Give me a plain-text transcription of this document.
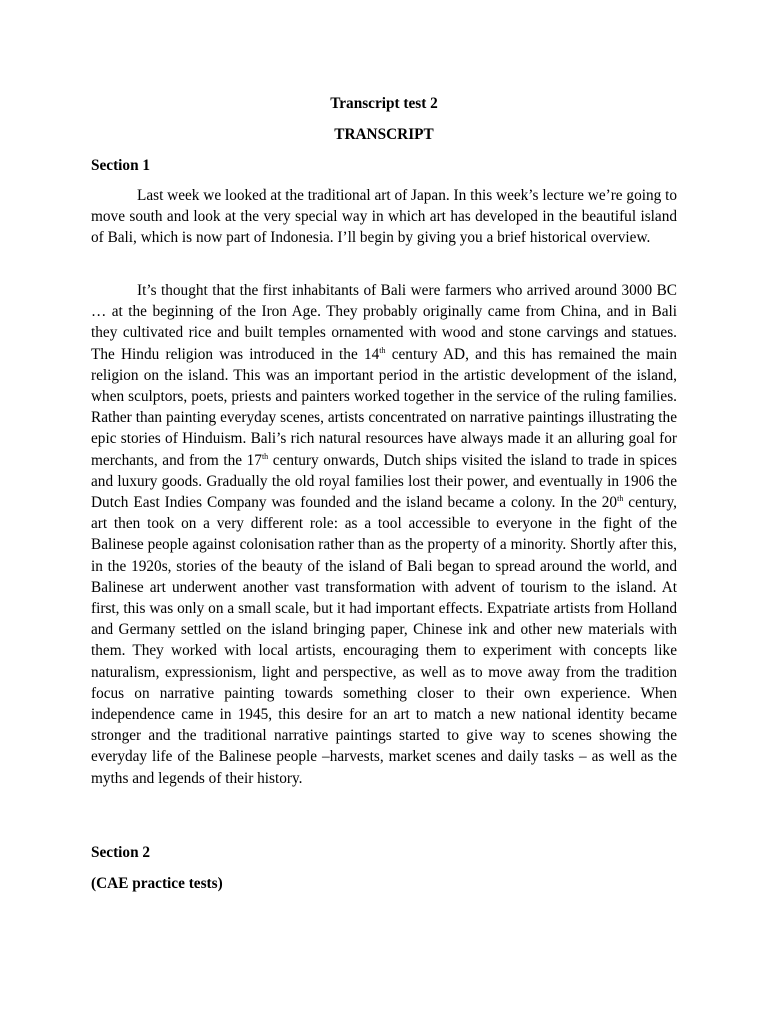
Transcript test 2
TRANSCRIPT
Section 1

Last week we looked at the traditional art of Japan. In this week’s lecture we’re going to move south and look at the very special way in which art has developed in the beautiful island of Bali, which is now part of Indonesia. I’ll begin by giving you a brief historical overview.

It’s thought that the first inhabitants of Bali were farmers who arrived around 3000 BC … at the beginning of the Iron Age. They probably originally came from China, and in Bali they cultivated rice and built temples ornamented with wood and stone carvings and statues. The Hindu religion was introduced in the 14th century AD, and this has remained the main religion on the island. This was an important period in the artistic development of the island, when sculptors, poets, priests and painters worked together in the service of the ruling families. Rather than painting everyday scenes, artists concentrated on narrative paintings illustrating the epic stories of Hinduism. Bali’s rich natural resources have always made it an alluring goal for merchants, and from the 17th century onwards, Dutch ships visited the island to trade in spices and luxury goods. Gradually the old royal families lost their power, and eventually in 1906 the Dutch East Indies Company was founded and the island became a colony. In the 20th century, art then took on a very different role: as a tool accessible to everyone in the fight of the Balinese people against colonisation rather than as the property of a minority. Shortly after this, in the 1920s, stories of the beauty of the island of Bali began to spread around the world, and Balinese art underwent another vast transformation with advent of tourism to the island. At first, this was only on a small scale, but it had important effects. Expatriate artists from Holland and Germany settled on the island bringing paper, Chinese ink and other new materials with them. They worked with local artists, encouraging them to experiment with concepts like naturalism, expressionism, light and perspective, as well as to move away from the tradition focus on narrative painting towards something closer to their own experience. When independence came in 1945, this desire for an art to match a new national identity became stronger and the traditional narrative paintings started to give way to scenes showing the everyday life of the Balinese people –harvests, market scenes and daily tasks – as well as the myths and legends of their history.

Section 2
(CAE practice tests)
